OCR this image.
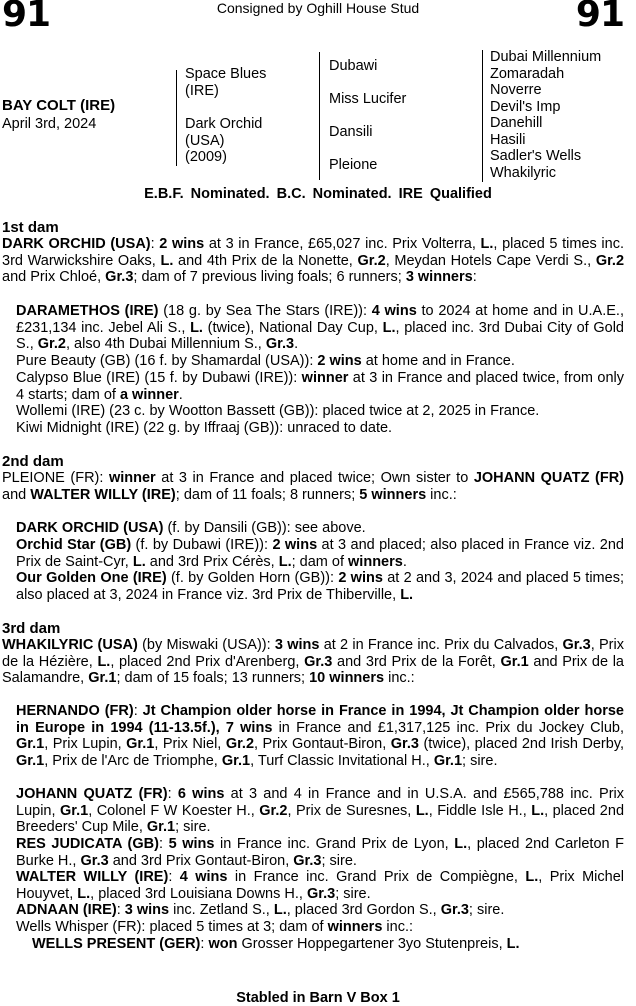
91	Consigned by Oghill House Stud	91
BAY COLT (IRE)
April 3rd, 2024
Space Blues
(IRE)
Dark Orchid
(USA)
(2009)
Dubawi
Miss Lucifer
Dansili
Pleione
Dubai Millennium
Zomaradah
Noverre
Devil's Imp
Danehill
Hasili
Sadler's Wells
Whakilyric
E.B.F. Nominated. B.C. Nominated. IRE Qualified
1st dam
DARK ORCHID (USA): 2 wins at 3 in France, £65,027 inc. Prix Volterra, L., placed 5 times inc. 3rd Warwickshire Oaks, L. and 4th Prix de la Nonette, Gr.2, Meydan Hotels Cape Verdi S., Gr.2 and Prix Chloé, Gr.3; dam of 7 previous living foals; 6 runners; 3 winners:
DARAMETHOS (IRE) (18 g. by Sea The Stars (IRE)): 4 wins to 2024 at home and in U.A.E., £231,134 inc. Jebel Ali S., L. (twice), National Day Cup, L., placed inc. 3rd Dubai City of Gold S., Gr.2, also 4th Dubai Millennium S., Gr.3.
Pure Beauty (GB) (16 f. by Shamardal (USA)): 2 wins at home and in France.
Calypso Blue (IRE) (15 f. by Dubawi (IRE)): winner at 3 in France and placed twice, from only 4 starts; dam of a winner.
Wollemi (IRE) (23 c. by Wootton Bassett (GB)): placed twice at 2, 2025 in France.
Kiwi Midnight (IRE) (22 g. by Iffraaj (GB)): unraced to date.
2nd dam
PLEIONE (FR): winner at 3 in France and placed twice; Own sister to JOHANN QUATZ (FR) and WALTER WILLY (IRE); dam of 11 foals; 8 runners; 5 winners inc.:
DARK ORCHID (USA) (f. by Dansili (GB)): see above.
Orchid Star (GB) (f. by Dubawi (IRE)): 2 wins at 3 and placed; also placed in France viz. 2nd Prix de Saint-Cyr, L. and 3rd Prix Cérès, L.; dam of winners.
Our Golden One (IRE) (f. by Golden Horn (GB)): 2 wins at 2 and 3, 2024 and placed 5 times; also placed at 3, 2024 in France viz. 3rd Prix de Thiberville, L.
3rd dam
WHAKILYRIC (USA) (by Miswaki (USA)): 3 wins at 2 in France inc. Prix du Calvados, Gr.3, Prix de la Hézière, L., placed 2nd Prix d'Arenberg, Gr.3 and 3rd Prix de la Forêt, Gr.1 and Prix de la Salamandre, Gr.1; dam of 15 foals; 13 runners; 10 winners inc.:
HERNANDO (FR): Jt Champion older horse in France in 1994, Jt Champion older horse in Europe in 1994 (11-13.5f.), 7 wins in France and £1,317,125 inc. Prix du Jockey Club, Gr.1, Prix Lupin, Gr.1, Prix Niel, Gr.2, Prix Gontaut-Biron, Gr.3 (twice), placed 2nd Irish Derby, Gr.1, Prix de l'Arc de Triomphe, Gr.1, Turf Classic Invitational H., Gr.1; sire.
JOHANN QUATZ (FR): 6 wins at 3 and 4 in France and in U.S.A. and £565,788 inc. Prix Lupin, Gr.1, Colonel F W Koester H., Gr.2, Prix de Suresnes, L., Fiddle Isle H., L., placed 2nd Breeders' Cup Mile, Gr.1; sire.
RES JUDICATA (GB): 5 wins in France inc. Grand Prix de Lyon, L., placed 2nd Carleton F Burke H., Gr.3 and 3rd Prix Gontaut-Biron, Gr.3; sire.
WALTER WILLY (IRE): 4 wins in France inc. Grand Prix de Compiègne, L., Prix Michel Houyvet, L., placed 3rd Louisiana Downs H., Gr.3; sire.
ADNAAN (IRE): 3 wins inc. Zetland S., L., placed 3rd Gordon S., Gr.3; sire.
Wells Whisper (FR): placed 5 times at 3; dam of winners inc.:
WELLS PRESENT (GER): won Grosser Hoppegartener 3yo Stutenpreis, L.
Stabled in Barn V Box 1
